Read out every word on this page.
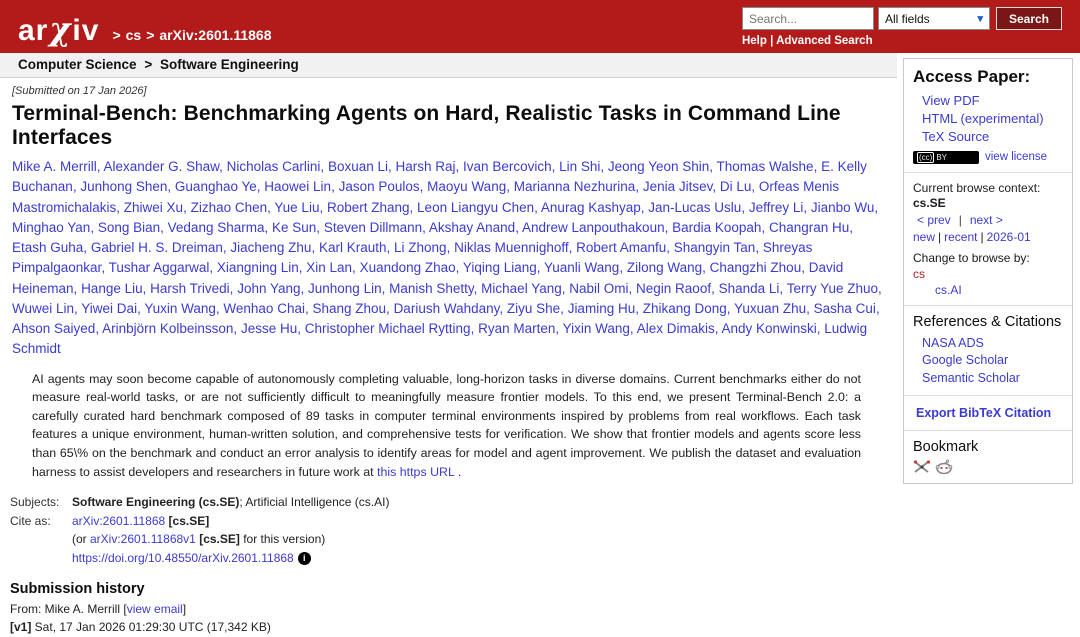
arχiv > cs > arXiv:2601.11868
Search...
All fields	▾	Search
Help | Advanced Search
Computer Science > Software Engineering
[Submitted on 17 Jan 2026]
Terminal-Bench: Benchmarking Agents on Hard, Realistic Tasks in Command Line Interfaces
Mike A. Merrill, Alexander G. Shaw, Nicholas Carlini, Boxuan Li, Harsh Raj, Ivan Bercovich, Lin Shi, Jeong Yeon Shin, Thomas Walshe, E. Kelly Buchanan, Junhong Shen, Guanghao Ye, Haowei Lin, Jason Poulos, Maoyu Wang, Marianna Nezhurina, Jenia Jitsev, Di Lu, Orfeas Menis Mastromichalakis, Zhiwei Xu, Zizhao Chen, Yue Liu, Robert Zhang, Leon Liangyu Chen, Anurag Kashyap, Jan-Lucas Uslu, Jeffrey Li, Jianbo Wu, Minghao Yan, Song Bian, Vedang Sharma, Ke Sun, Steven Dillmann, Akshay Anand, Andrew Lanpouthakoun, Bardia Koopah, Changran Hu, Etash Guha, Gabriel H. S. Dreiman, Jiacheng Zhu, Karl Krauth, Li Zhong, Niklas Muennighoff, Robert Amanfu, Shangyin Tan, Shreyas Pimpalgaonkar, Tushar Aggarwal, Xiangning Lin, Xin Lan, Xuandong Zhao, Yiqing Liang, Yuanli Wang, Zilong Wang, Changzhi Zhou, David Heineman, Hange Liu, Harsh Trivedi, John Yang, Junhong Lin, Manish Shetty, Michael Yang, Nabil Omi, Negin Raoof, Shanda Li, Terry Yue Zhuo, Wuwei Lin, Yiwei Dai, Yuxin Wang, Wenhao Chai, Shang Zhou, Dariush Wahdany, Ziyu She, Jiaming Hu, Zhikang Dong, Yuxuan Zhu, Sasha Cui, Ahson Saiyed, Arinbjörn Kolbeinsson, Jesse Hu, Christopher Michael Rytting, Ryan Marten, Yixin Wang, Alex Dimakis, Andy Konwinski, Ludwig Schmidt

AI agents may soon become capable of autonomously completing valuable, long-horizon tasks in diverse domains. Current benchmarks either do not measure real-world tasks, or are not sufficiently difficult to meaningfully measure frontier models. To this end, we present Terminal-Bench 2.0: a carefully curated hard benchmark composed of 89 tasks in computer terminal environments inspired by problems from real workflows. Each task features a unique environment, human-written solution, and comprehensive tests for verification. We show that frontier models and agents score less than 65\% on the benchmark and conduct an error analysis to identify areas for model and agent improvement. We publish the dataset and evaluation harness to assist developers and researchers in future work at this https URL .

Subjects:	Software Engineering (cs.SE); Artificial Intelligence (cs.AI)
Cite as:	arXiv:2601.11868 [cs.SE]
(or arXiv:2601.11868v1 [cs.SE] for this version)
https://doi.org/10.48550/arXiv.2601.11868 i
Submission history

From: Mike A. Merrill [view email]

[v1] Sat, 17 Jan 2026 01:29:30 UTC (17,342 KB)

Access Paper:
View PDF
HTML (experimental)
TeX Source
(cc) BY	view license
Current browse context:
cs.SE
< prev | next >
new | recent | 2026-01
Change to browse by:
cs
cs.AI
References & Citations
NASA ADS
Google Scholar
Semantic Scholar
Export BibTeX Citation
Bookmark
